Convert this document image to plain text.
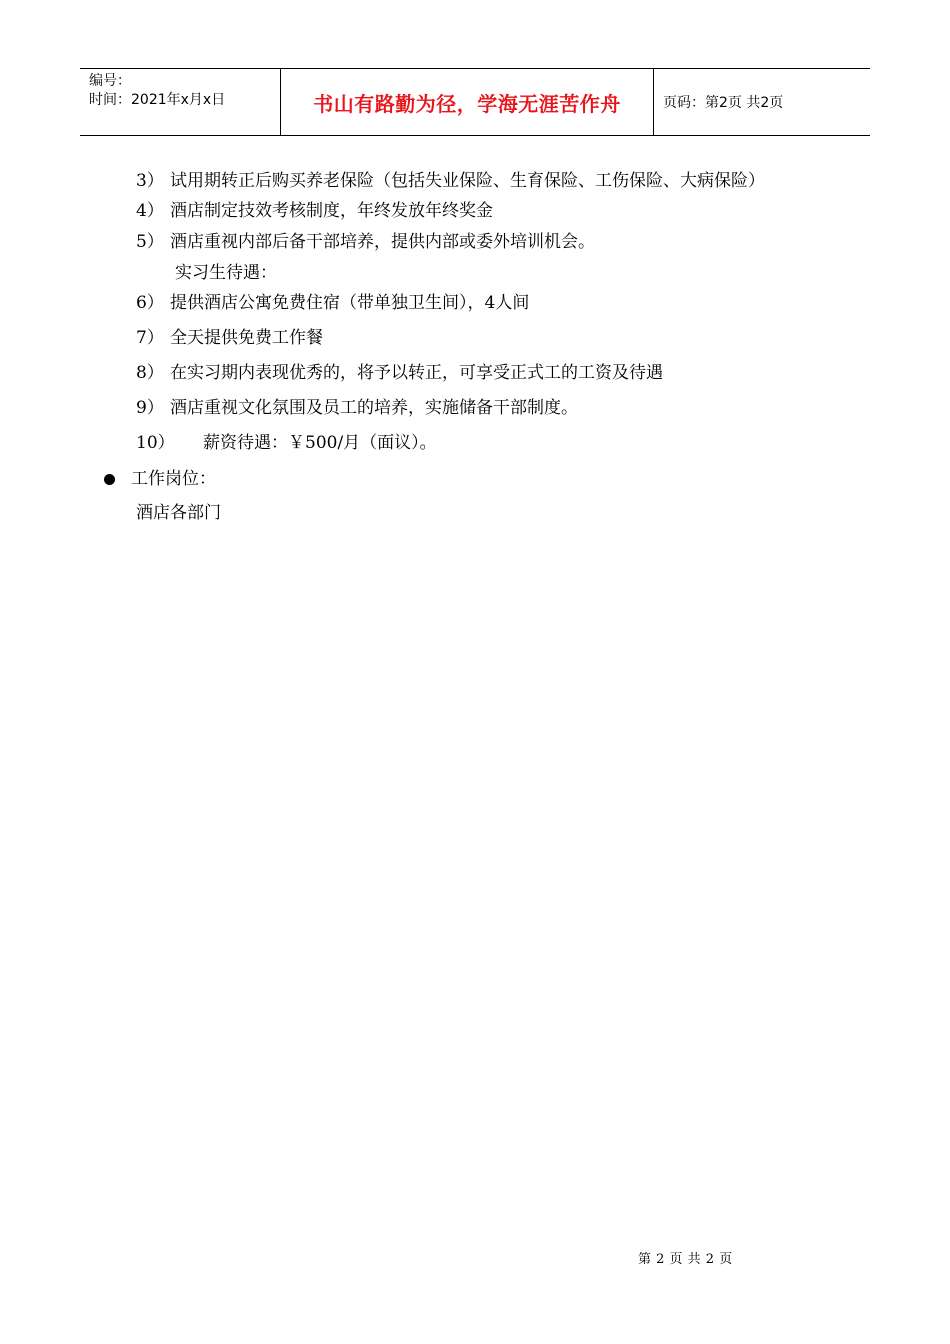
编号：
时间：2021年x月x日	书山有路勤为径，学海无涯苦作舟	页码：第2页 共2页
3） 试用期转正后购买养老保险（包括失业保险、生育保险、工伤保险、大病保险）
4） 酒店制定技效考核制度，年终发放年终奖金
5） 酒店重视内部后备干部培养，提供内部或委外培训机会。
实习生待遇：
6） 提供酒店公寓免费住宿（带单独卫生间），4人间
7） 全天提供免费工作餐
8） 在实习期内表现优秀的，将予以转正，可享受正式工的工资及待遇
9） 酒店重视文化氛围及员工的培养，实施储备干部制度。
10） 薪资待遇：￥500/月（面议）。
工作岗位：
酒店各部门
第 2 页 共 2 页
